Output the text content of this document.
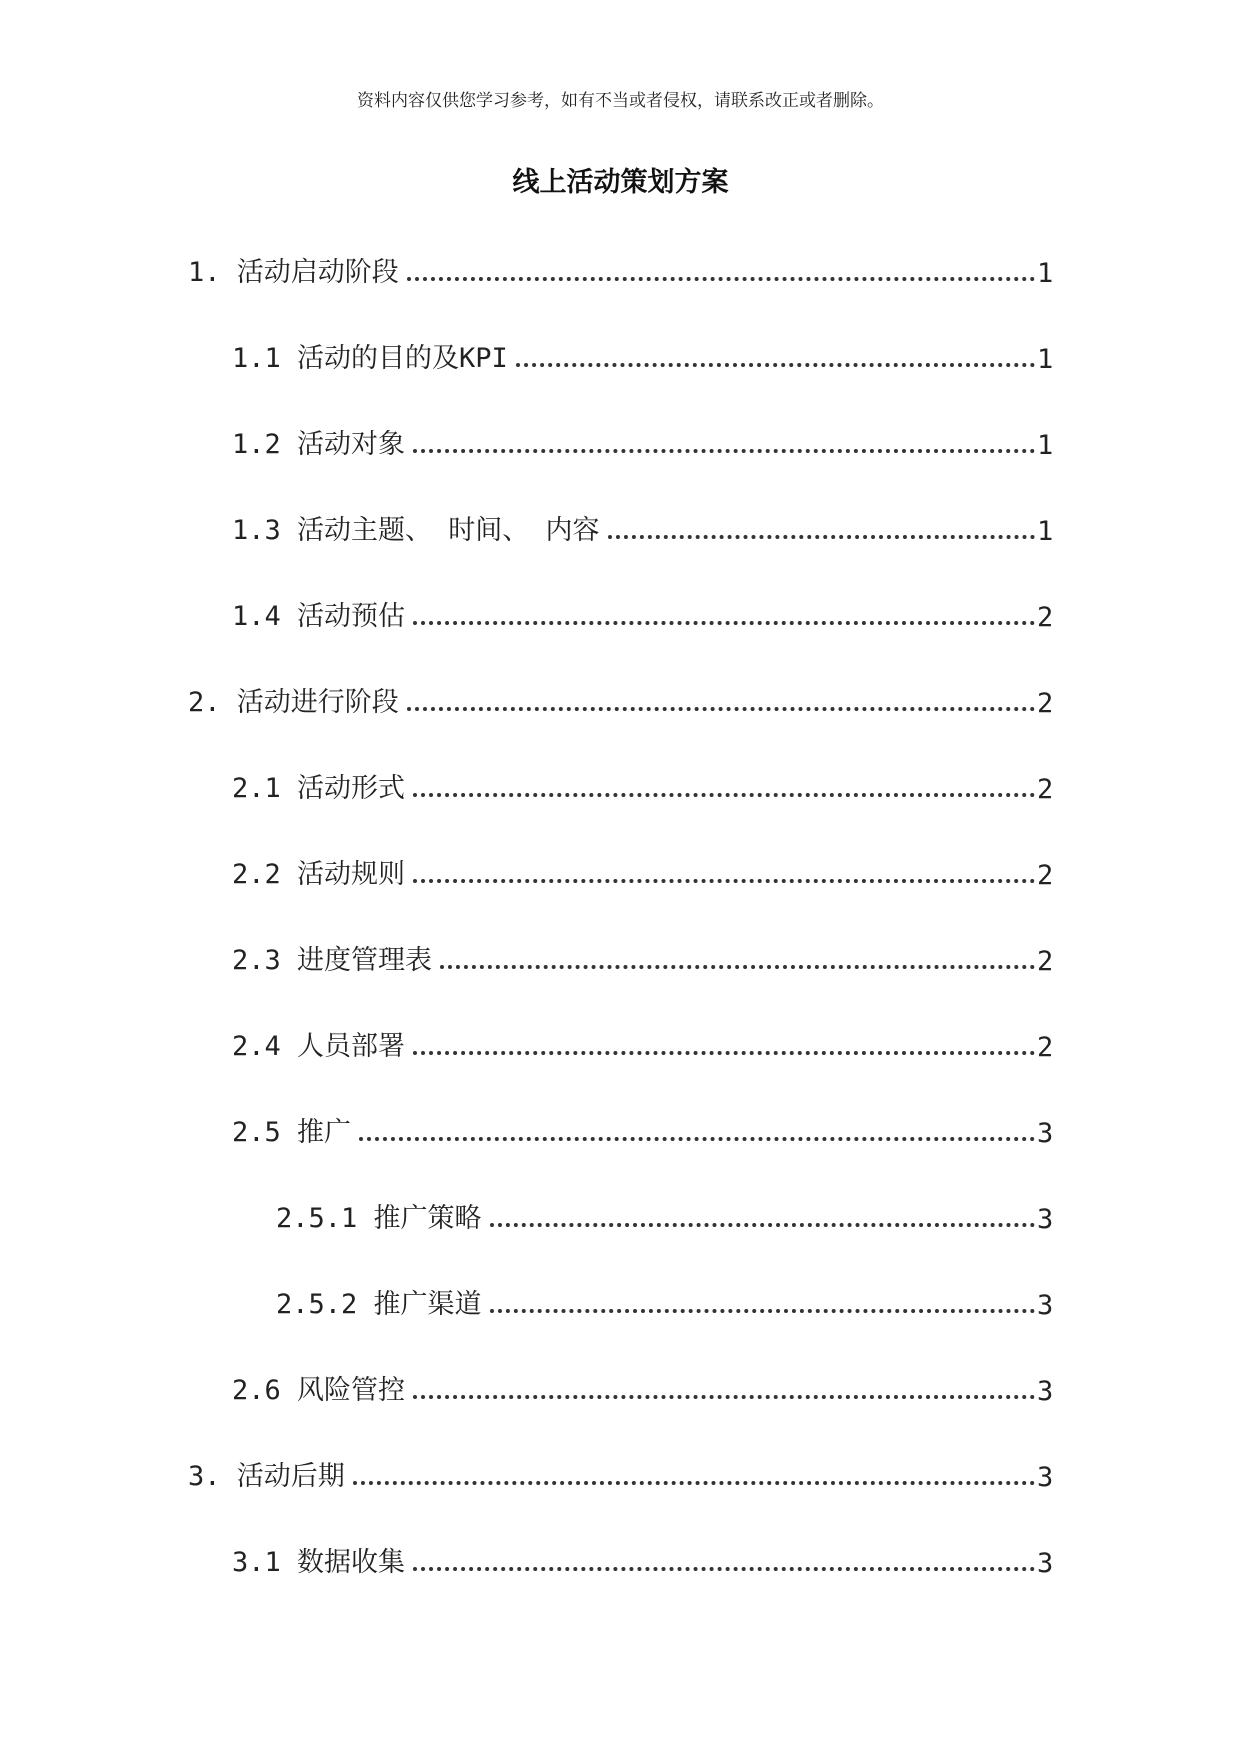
资料内容仅供您学习参考，如有不当或者侵权，请联系改正或者删除。
线上活动策划方案
1. 活动启动阶段	1
1.1 活动的目的及KPI	1
1.2 活动对象	1
1.3 活动主题、 时间、 内容	1
1.4 活动预估	2
2. 活动进行阶段	2
2.1 活动形式	2
2.2 活动规则	2
2.3 进度管理表	2
2.4 人员部署	2
2.5 推广	3
2.5.1 推广策略	3
2.5.2 推广渠道	3
2.6 风险管控	3
3. 活动后期	3
3.1 数据收集	3
